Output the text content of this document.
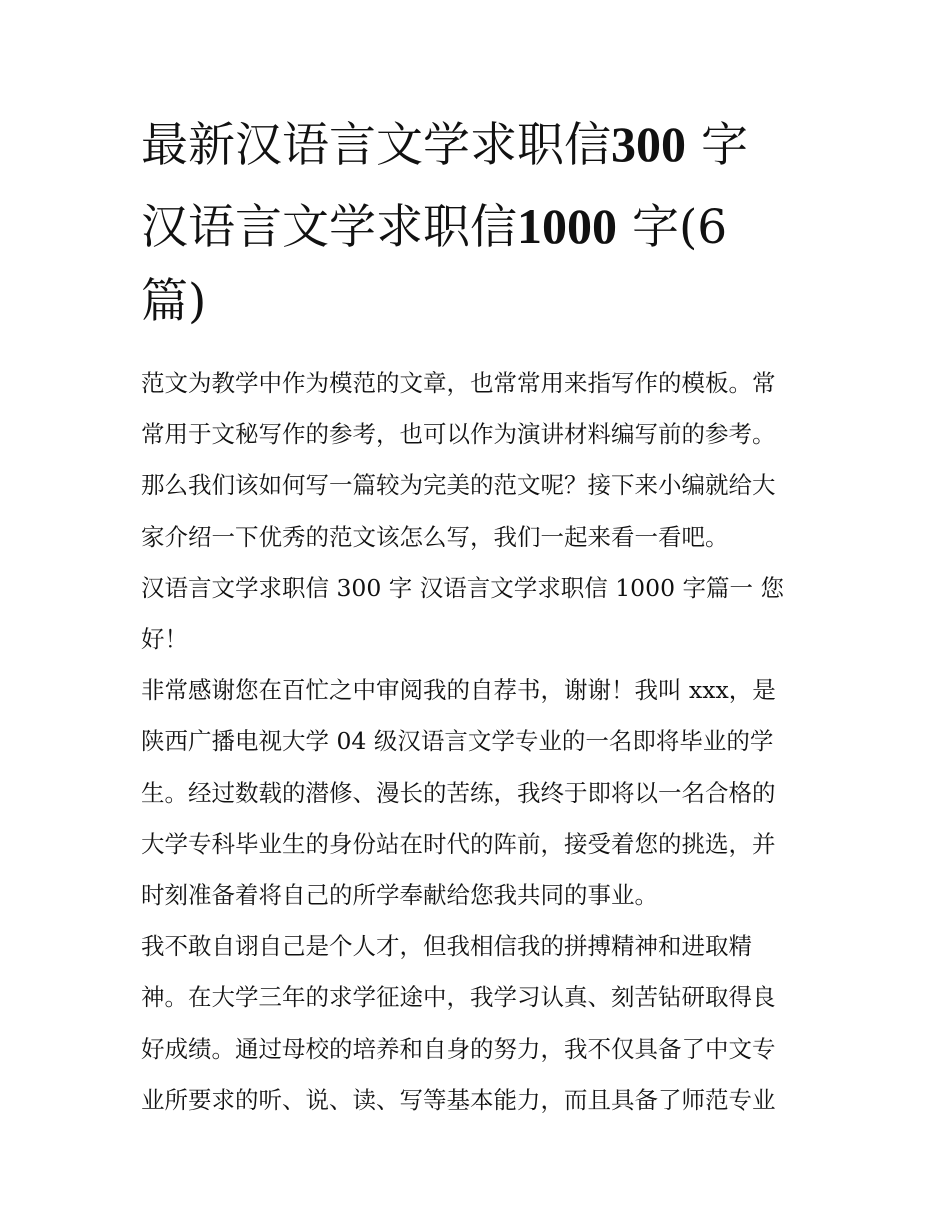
最新汉语言文学求职信300 字
汉语言文学求职信1000 字(6
篇)

范文为教学中作为模范的文章，也常常用来指写作的模板。常

常用于文秘写作的参考，也可以作为演讲材料编写前的参考。

那么我们该如何写一篇较为完美的范文呢？接下来小编就给大

家介绍一下优秀的范文该怎么写，我们一起来看一看吧。

汉语言文学求职信 300 字 汉语言文学求职信 1000 字篇一 您

好！

非常感谢您在百忙之中审阅我的自荐书，谢谢！我叫 xxx，是

陕西广播电视大学 04 级汉语言文学专业的一名即将毕业的学

生。经过数载的潜修、漫长的苦练，我终于即将以一名合格的

大学专科毕业生的身份站在时代的阵前，接受着您的挑选，并

时刻准备着将自己的所学奉献给您我共同的事业。

我不敢自诩自己是个人才，但我相信我的拼搏精神和进取精

神。在大学三年的求学征途中，我学习认真、刻苦钻研取得良

好成绩。通过母校的培养和自身的努力，我不仅具备了中文专

业所要求的听、说、读、写等基本能力，而且具备了师范专业
